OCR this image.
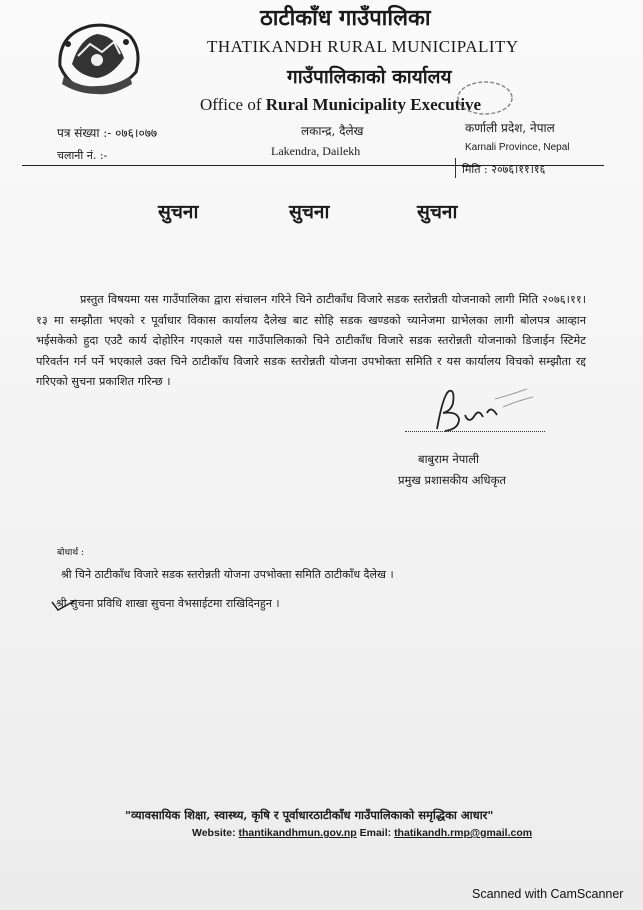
ठाटीकाँध गाउँपालिका
THATIKANDH RURAL MUNICIPALITY
गाउँपालिकाको कार्यालय
Office of Rural Municipality Executive
पत्र संख्या :- ०७६।०७७
चलानी नं. :-
लकान्द्र, दैलेख
Lakendra, Dailekh
कर्णाली प्रदेश, नेपाल
Karnali Province, Nepal
मिति : २०७६।११।१६
सुचना	सुचना	सुचना
प्रस्तुत विषयमा यस गाउँपालिका द्वारा संचालन गरिने चिने ठाटीकाँध विजारे सडक स्तरोन्नती योजनाको लागी मिति २०७६।११।१३ मा सम्झौता भएको र पूर्वाधार विकास कार्यालय दैलेख बाट सोहि सडक खण्डको च्यानेजमा ग्राभेलका लागी बोलपत्र आव्हान भईसकेको हुदा एउटै कार्य दोहोरिन गएकाले यस गाउँपालिकाको चिने ठाटीकाँध विजारे सडक स्तरोन्नती योजनाको डिजाईन स्टिमेट परिवर्तन गर्न पर्ने भएकाले उक्त चिने ठाटीकाँध विजारे सडक स्तरोन्नती योजना उपभोक्ता समिति र यस कार्यालय विचको सम्झौता रद्द गरिएको सुचना प्रकाशित गरिन्छ ।
बाबुराम नेपाली
प्रमुख प्रशासकीय अधिकृत
बोधार्थ :
श्री चिने ठाटीकाँध विजारे सडक स्तरोन्नती योजना उपभोक्ता समिति ठाटीकाँध दैलेख ।
श्री सुचना प्रविधि शाखा सुचना वेभसाईटमा राखिदिनहुन ।
"व्यावसायिक शिक्षा, स्वास्थ्य, कृषि र पूर्वाधारठाटीकाँध गाउँपालिकाको समृद्धिका आधार"
Website: thantikandhmun.gov.np Email: thatikandh.rmp@gmail.com
Scanned with CamScanner
